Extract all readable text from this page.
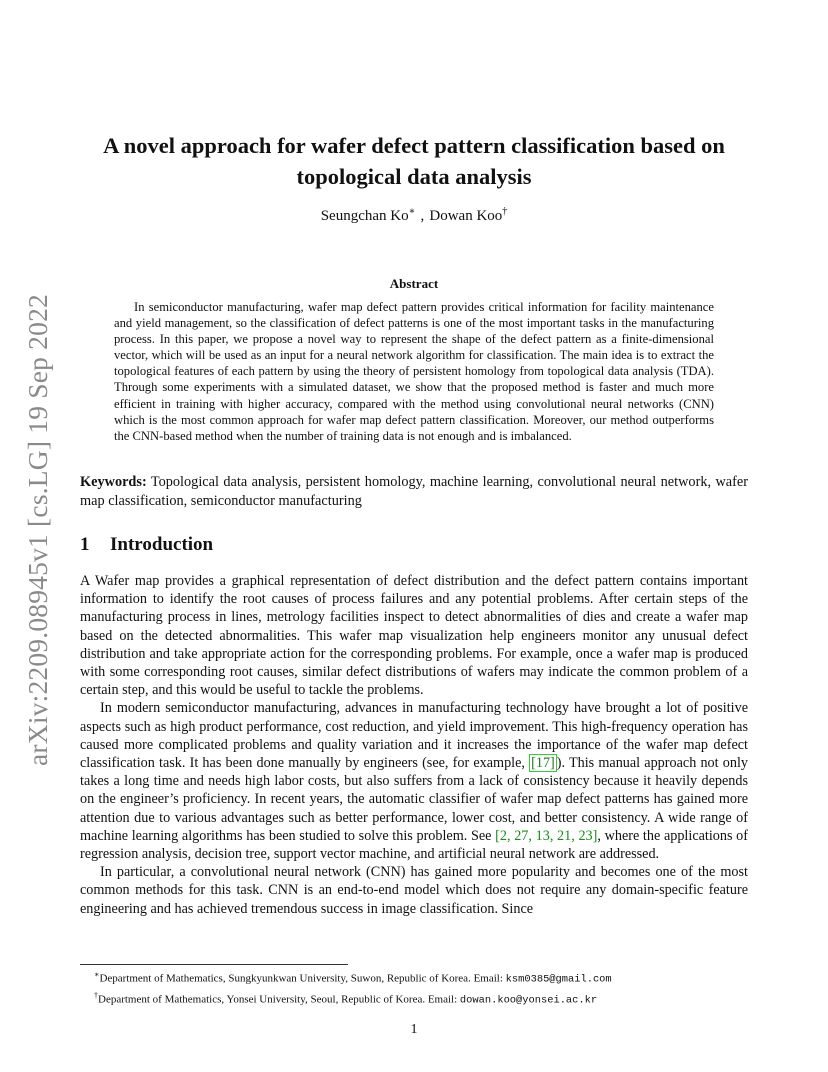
arXiv:2209.08945v1 [cs.LG] 19 Sep 2022
A novel approach for wafer defect pattern classification based on topological data analysis
Seungchan Ko∗ , Dowan Koo†
Abstract

In semiconductor manufacturing, wafer map defect pattern provides critical information for facility maintenance and yield management, so the classification of defect patterns is one of the most important tasks in the manufacturing process. In this paper, we propose a novel way to represent the shape of the defect pattern as a finite-dimensional vector, which will be used as an input for a neural network algorithm for classification. The main idea is to extract the topological features of each pattern by using the theory of persistent homology from topological data analysis (TDA). Through some experiments with a simulated dataset, we show that the proposed method is faster and much more efficient in training with higher accuracy, compared with the method using convolutional neural networks (CNN) which is the most common approach for wafer map defect pattern classification. Moreover, our method outperforms the CNN-based method when the number of training data is not enough and is imbalanced.

Keywords: Topological data analysis, persistent homology, machine learning, convolutional neural network, wafer map classification, semiconductor manufacturing

1	Introduction

A Wafer map provides a graphical representation of defect distribution and the defect pattern contains important information to identify the root causes of process failures and any potential problems. After certain steps of the manufacturing process in lines, metrology facilities inspect to detect abnormalities of dies and create a wafer map based on the detected abnormalities. This wafer map visualization help engineers monitor any unusual defect distribution and take appropriate action for the corresponding problems. For example, once a wafer map is produced with some corresponding root causes, similar defect distributions of wafers may indicate the common problem of a certain step, and this would be useful to tackle the problems.

In modern semiconductor manufacturing, advances in manufacturing technology have brought a lot of positive aspects such as high product performance, cost reduction, and yield improvement. This high-frequency operation has caused more complicated problems and quality variation and it increases the importance of the wafer map defect classification task. It has been done manually by engineers (see, for example, [17] ). This manual approach not only takes a long time and needs high labor costs, but also suffers from a lack of consistency because it heavily depends on the engineer’s proficiency. In recent years, the automatic classifier of wafer map defect patterns has gained more attention due to various advantages such as better performance, lower cost, and better consistency. A wide range of machine learning algorithms has been studied to solve this problem. See [2, 27, 13, 21, 23], where the applications of regression analysis, decision tree, support vector machine, and artificial neural network are addressed.

In particular, a convolutional neural network (CNN) has gained more popularity and becomes one of the most common methods for this task. CNN is an end-to-end model which does not require any domain-specific feature engineering and has achieved tremendous success in image classification. Since

∗Department of Mathematics, Sungkyunkwan University, Suwon, Republic of Korea. Email: ksm0385@gmail.com
†Department of Mathematics, Yonsei University, Seoul, Republic of Korea. Email: dowan.koo@yonsei.ac.kr
1
